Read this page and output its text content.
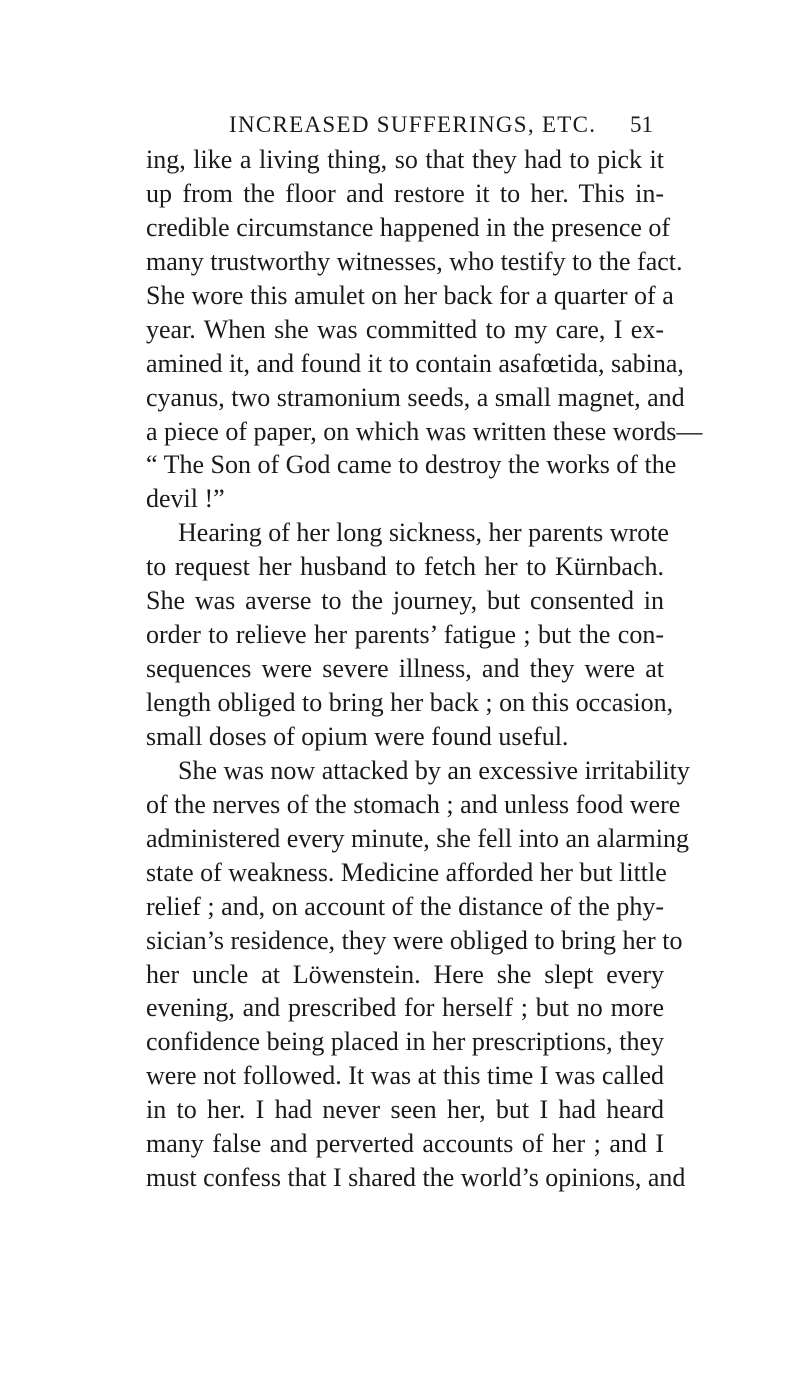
INCREASED SUFFERINGS, ETC. 51
ing, like a living thing, so that they had to pick it
up from the floor and restore it to her. This in-
credible circumstance happened in the presence of
many trustworthy witnesses, who testify to the fact.
She wore this amulet on her back for a quarter of a
year. When she was committed to my care, I ex-
amined it, and found it to contain asafœtida, sabina,
cyanus, two stramonium seeds, a small magnet, and
a piece of paper, on which was written these words—
“ The Son of God came to destroy the works of the
devil !”
Hearing of her long sickness, her parents wrote
to request her husband to fetch her to Kürnbach.
She was averse to the journey, but consented in
order to relieve her parents’ fatigue ; but the con-
sequences were severe illness, and they were at
length obliged to bring her back ; on this occasion,
small doses of opium were found useful.
She was now attacked by an excessive irritability
of the nerves of the stomach ; and unless food were
administered every minute, she fell into an alarming
state of weakness. Medicine afforded her but little
relief ; and, on account of the distance of the phy-
sician’s residence, they were obliged to bring her to
her uncle at Löwenstein. Here she slept every
evening, and prescribed for herself ; but no more
confidence being placed in her prescriptions, they
were not followed. It was at this time I was called
in to her. I had never seen her, but I had heard
many false and perverted accounts of her ; and I
must confess that I shared the world’s opinions, and
